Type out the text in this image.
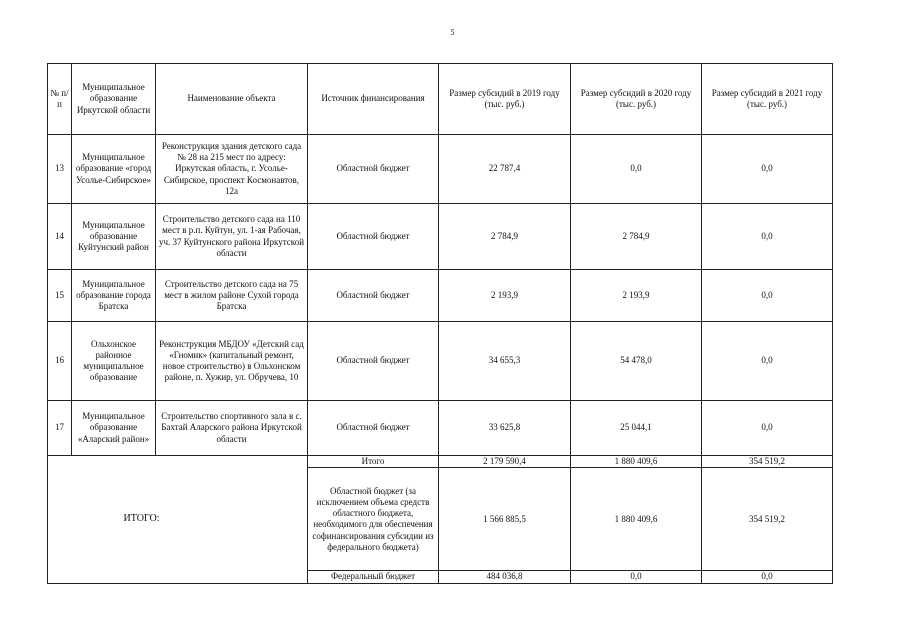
5
№ п/п	Муниципальное образование Иркутской области	Наименование объекта	Источник финансирования	Размер субсидий в 2019 году (тыс. руб.)	Размер субсидий в 2020 году (тыс. руб.)	Размер субсидий в 2021 году (тыс. руб.)
13	Муниципальное образование «город Усолье-Сибирское»	Реконструкция здания детского сада № 28 на 215 мест по адресу: Иркутская область, г. Усолье-Сибирское, проспект Космонавтов, 12а	Областной бюджет	22 787,4	0,0	0,0
14	Муниципальное образование Куйтунский район	Строительство детского сада на 110 мест в р.п. Куйтун, ул. 1-ая Рабочая, уч. 37 Куйтунского района Иркутской области	Областной бюджет	2 784,9	2 784,9	0,0
15	Муниципальное образование города Братска	Строительство детского сада на 75 мест в жилом районе Сухой города Братска	Областной бюджет	2 193,9	2 193,9	0,0
16	Ольхонское районное муниципальное образование	Реконструкция МБДОУ «Детский сад «Гномик» (капитальный ремонт, новое строительство) в Ольхонском районе, п. Хужир, ул. Обручева, 10	Областной бюджет	34 655,3	54 478,0	0,0
17	Муниципальное образование «Аларский район»	Строительство спортивного зала в с. Бахтай Аларского района Иркутской области	Областной бюджет	33 625,8	25 044,1	0,0
ИТОГО:			Итого	2 179 590,4	1 880 409,6	354 519,2
			Областной бюджет (за исключением объема средств областного бюджета, необходимого для обеспечения софинансирования субсидии из федерального бюджета)	1 566 885,5	1 880 409,6	354 519,2
			Федеральный бюджет	484 036,8	0,0	0,0
